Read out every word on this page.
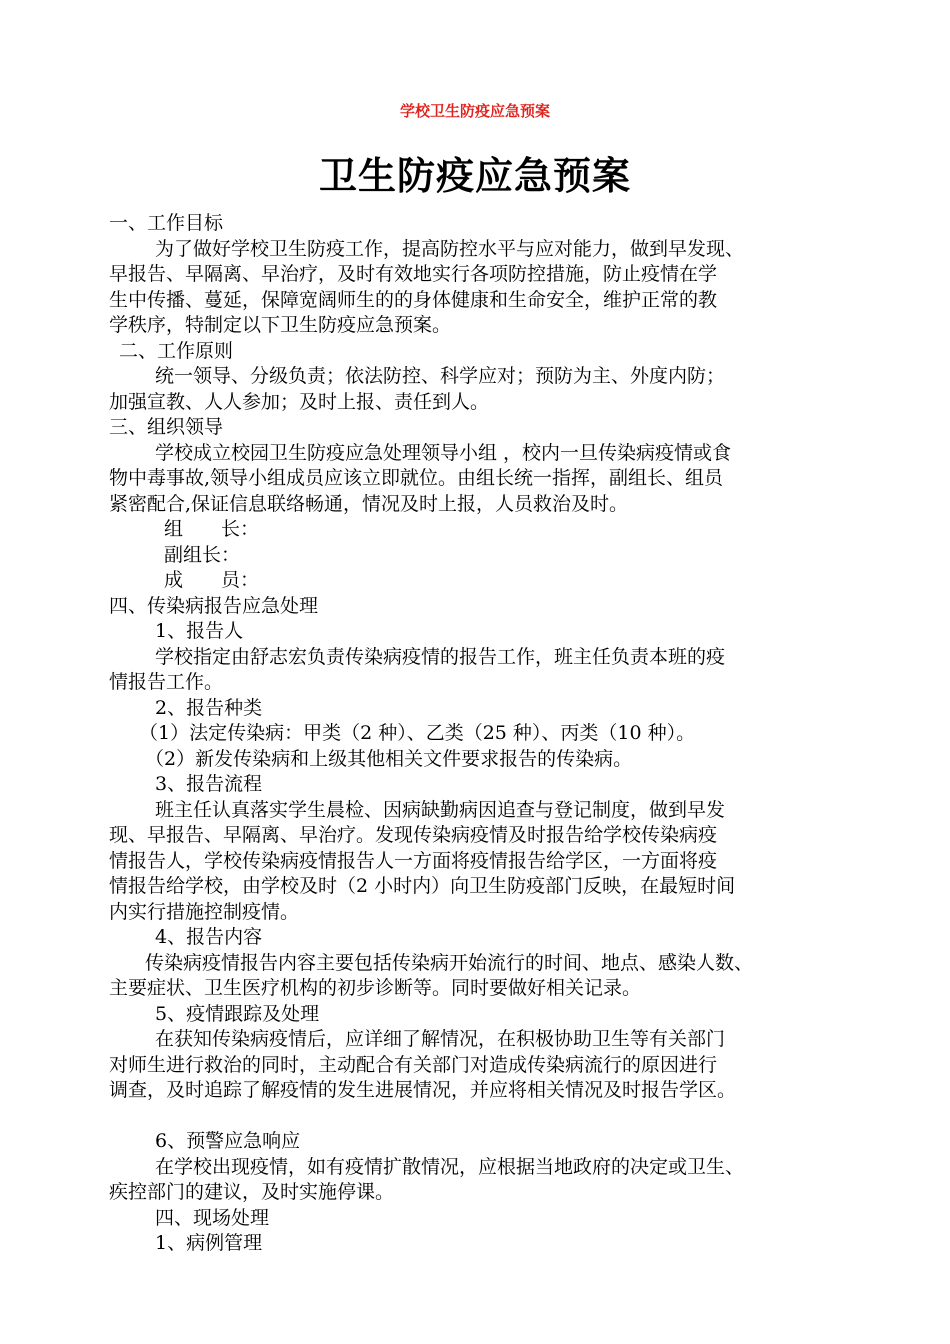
学校卫生防疫应急预案
卫生防疫应急预案
一、工作目标
为了做好学校卫生防疫工作，提高防控水平与应对能力，做到早发现、
早报告、早隔离、早治疗，及时有效地实行各项防控措施，防止疫情在学
生中传播、蔓延，保障宽阔师生的的身体健康和生命安全，维护正常的教
学秩序，特制定以下卫生防疫应急预案。
二、工作原则
统一领导、分级负责；依法防控、科学应对；预防为主、外度内防；
加强宣教、人人参加；及时上报、责任到人。
三、组织领导
学校成立校园卫生防疫应急处理领导小组 ，校内一旦传染病疫情或食
物中毒事故,领导小组成员应该立即就位。由组长统一指挥，副组长、组员
紧密配合,保证信息联络畅通，情况及时上报，人员救治及时。
组　　长：
副组长：
成　　员：
四、传染病报告应急处理
1、报告人
学校指定由舒志宏负责传染病疫情的报告工作，班主任负责本班的疫
情报告工作。
2、报告种类
（1）法定传染病：甲类（2 种）、乙类（25 种）、丙类（10 种）。
（2）新发传染病和上级其他相关文件要求报告的传染病。
3、报告流程
班主任认真落实学生晨检、因病缺勤病因追查与登记制度，做到早发
现、早报告、早隔离、早治疗。发现传染病疫情及时报告给学校传染病疫
情报告人，学校传染病疫情报告人一方面将疫情报告给学区，一方面将疫
情报告给学校，由学校及时（2 小时内）向卫生防疫部门反映，在最短时间
内实行措施控制疫情。
4、报告内容
传染病疫情报告内容主要包括传染病开始流行的时间、地点、感染人数、
主要症状、卫生医疗机构的初步诊断等。同时要做好相关记录。
5、疫情跟踪及处理
在获知传染病疫情后，应详细了解情况，在积极协助卫生等有关部门
对师生进行救治的同时，主动配合有关部门对造成传染病流行的原因进行
调查，及时追踪了解疫情的发生进展情况，并应将相关情况及时报告学区。
6、预警应急响应
在学校出现疫情，如有疫情扩散情况，应根据当地政府的决定或卫生、
疾控部门的建议，及时实施停课。
四、现场处理
1、病例管理
